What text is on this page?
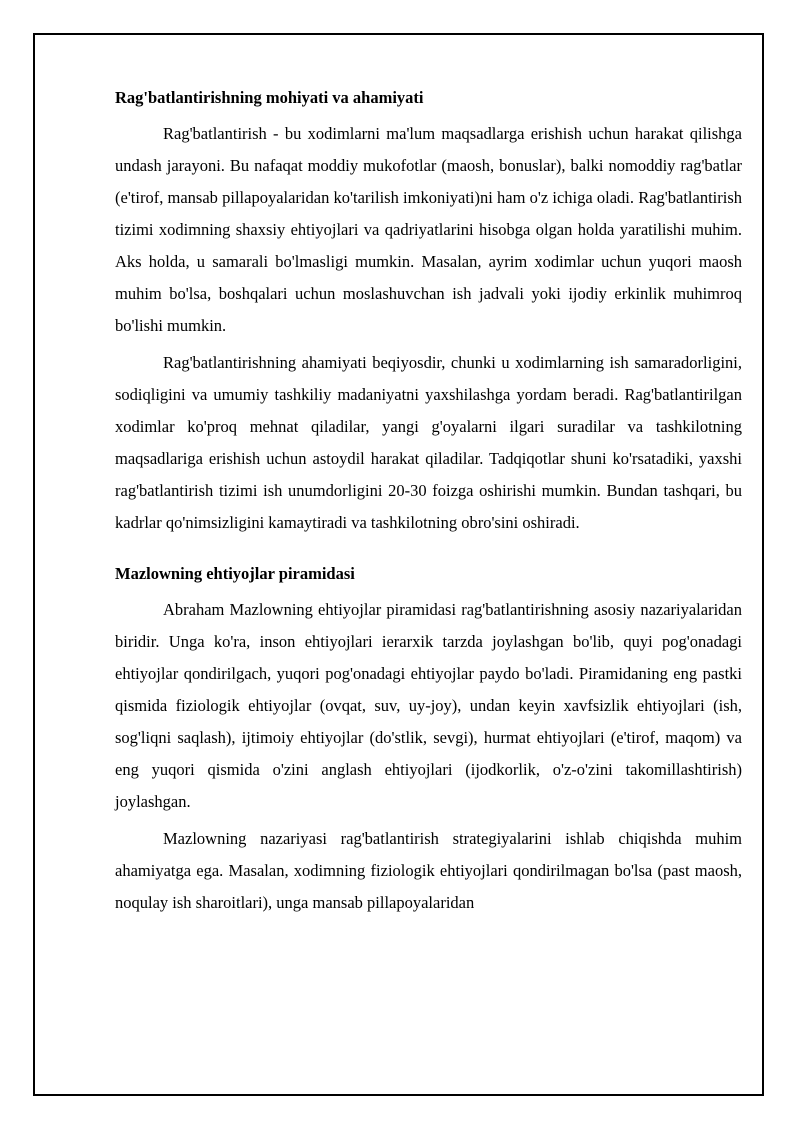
Rag'batlantirishning mohiyati va ahamiyati

Rag'batlantirish - bu xodimlarni ma'lum maqsadlarga erishish uchun harakat qilishga undash jarayoni. Bu nafaqat moddiy mukofotlar (maosh, bonuslar), balki nomoddiy rag'batlar (e'tirof, mansab pillapoyalaridan ko'tarilish imkoniyati)ni ham o'z ichiga oladi. Rag'batlantirish tizimi xodimning shaxsiy ehtiyojlari va qadriyatlarini hisobga olgan holda yaratilishi muhim. Aks holda, u samarali bo'lmasligi mumkin. Masalan, ayrim xodimlar uchun yuqori maosh muhim bo'lsa, boshqalari uchun moslashuvchan ish jadvali yoki ijodiy erkinlik muhimroq bo'lishi mumkin.

Rag'batlantirishning ahamiyati beqiyosdir, chunki u xodimlarning ish samaradorligini, sodiqligini va umumiy tashkiliy madaniyatni yaxshilashga yordam beradi. Rag'batlantirilgan xodimlar ko'proq mehnat qiladilar, yangi g'oyalarni ilgari suradilar va tashkilotning maqsadlariga erishish uchun astoydil harakat qiladilar. Tadqiqotlar shuni ko'rsatadiki, yaxshi rag'batlantirish tizimi ish unumdorligini 20-30 foizga oshirishi mumkin. Bundan tashqari, bu kadrlar qo'nimsizligini kamaytiradi va tashkilotning obro'sini oshiradi.

Mazlowning ehtiyojlar piramidasi

Abraham Mazlowning ehtiyojlar piramidasi rag'batlantirishning asosiy nazariyalaridan biridir. Unga ko'ra, inson ehtiyojlari ierarxik tarzda joylashgan bo'lib, quyi pog'onadagi ehtiyojlar qondirilgach, yuqori pog'onadagi ehtiyojlar paydo bo'ladi. Piramidaning eng pastki qismida fiziologik ehtiyojlar (ovqat, suv, uy-joy), undan keyin xavfsizlik ehtiyojlari (ish, sog'liqni saqlash), ijtimoiy ehtiyojlar (do'stlik, sevgi), hurmat ehtiyojlari (e'tirof, maqom) va eng yuqori qismida o'zini anglash ehtiyojlari (ijodkorlik, o'z-o'zini takomillashtirish) joylashgan.

Mazlowning nazariyasi rag'batlantirish strategiyalarini ishlab chiqishda muhim ahamiyatga ega. Masalan, xodimning fiziologik ehtiyojlari qondirilmagan bo'lsa (past maosh, noqulay ish sharoitlari), unga mansab pillapoyalaridan
